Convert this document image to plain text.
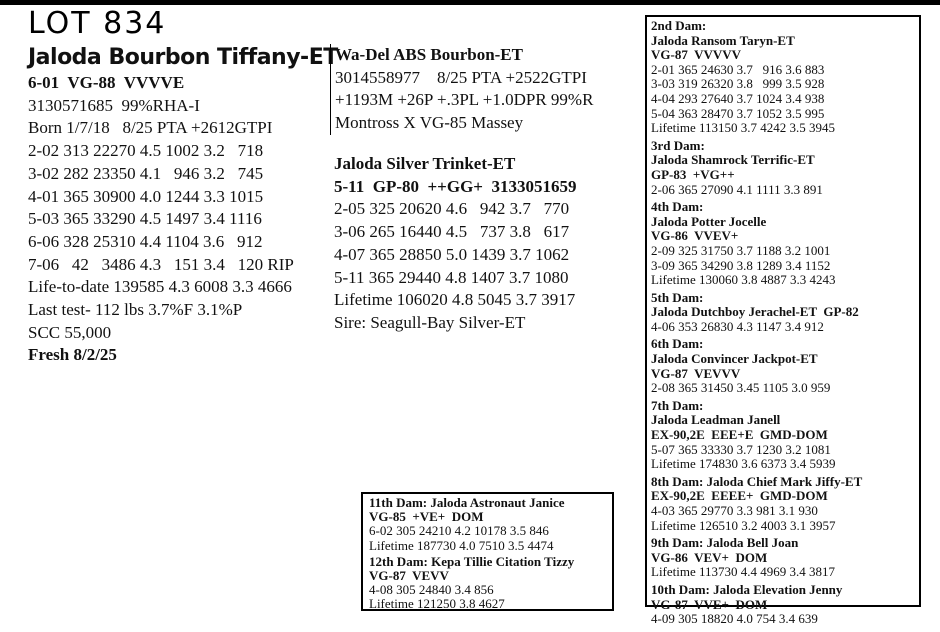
LOT 834
Jaloda Bourbon Tiffany-ET
6-01  VG-88  VVVVE
3130571685  99%RHA-I
Born 1/7/18   8/25 PTA +2612GTPI
2-02 313 22270 4.5 1002 3.2   718
3-02 282 23350 4.1   946 3.2   745
4-01 365 30900 4.0 1244 3.3 1015
5-03 365 33290 4.5 1497 3.4 1116
6-06 328 25310 4.4 1104 3.6   912
7-06   42   3486 4.3   151 3.4   120 RIP
Life-to-date 139585 4.3 6008 3.3 4666
Last test- 112 lbs 3.7%F 3.1%P
SCC 55,000
Fresh 8/2/25
Wa-Del ABS Bourbon-ET
3014558977    8/25 PTA +2522GTPI
+1193M +26P +.3PL +1.0DPR 99%R
Montross X VG-85 Massey
Jaloda Silver Trinket-ET
5-11  GP-80  ++GG+  3133051659
2-05 325 20620 4.6   942 3.7   770
3-06 265 16440 4.5   737 3.8   617
4-07 365 28850 5.0 1439 3.7 1062
5-11 365 29440 4.8 1407 3.7 1080
Lifetime 106020 4.8 5045 3.7 3917
Sire: Seagull-Bay Silver-ET
2nd Dam:
Jaloda Ransom Taryn-ET
VG-87  VVVVV
2-01 365 24630 3.7   916 3.6 883
3-03 319 26320 3.8   999 3.5 928
4-04 293 27640 3.7 1024 3.4 938
5-04 363 28470 3.7 1052 3.5 995
Lifetime 113150 3.7 4242 3.5 3945
3rd Dam:
Jaloda Shamrock Terrific-ET
GP-83  +VG++
2-06 365 27090 4.1 1111 3.3 891
4th Dam:
Jaloda Potter Jocelle
VG-86  VVEV+
2-09 325 31750 3.7 1188 3.2 1001
3-09 365 34290 3.8 1289 3.4 1152
Lifetime 130060 3.8 4887 3.3 4243
5th Dam:
Jaloda Dutchboy Jerachel-ET  GP-82
4-06 353 26830 4.3 1147 3.4 912
6th Dam:
Jaloda Convincer Jackpot-ET
VG-87  VEVVV
2-08 365 31450 3.45 1105 3.0 959
7th Dam:
Jaloda Leadman Janell
EX-90,2E  EEE+E  GMD-DOM
5-07 365 33330 3.7 1230 3.2 1081
Lifetime 174830 3.6 6373 3.4 5939
8th Dam: Jaloda Chief Mark Jiffy-ET
EX-90,2E  EEEE+  GMD-DOM
4-03 365 29770 3.3 981 3.1 930
Lifetime 126510 3.2 4003 3.1 3957
9th Dam: Jaloda Bell Joan
VG-86  VEV+  DOM
Lifetime 113730 4.4 4969 3.4 3817
10th Dam: Jaloda Elevation Jenny
VG-87  VVE+  DOM
4-09 305 18820 4.0 754 3.4 639
11th Dam: Jaloda Astronaut Janice
VG-85  +VE+  DOM
6-02 305 24210 4.2 10178 3.5 846
Lifetime 187730 4.0 7510 3.5 4474
12th Dam: Kepa Tillie Citation Tizzy
VG-87  VEVV
4-08 305 24840 3.4 856
Lifetime 121250 3.8 4627
